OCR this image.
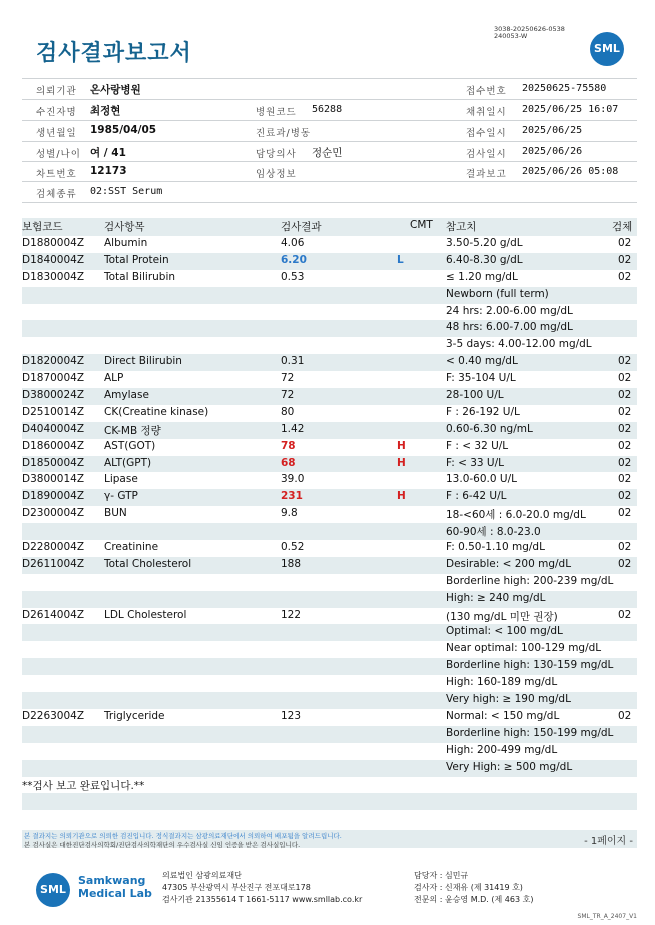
검사결과보고서
3038-20250626-0538
240053-W
SML
의뢰기관 온사랑병원	접수번호 20250625-75580
수진자명 최정현	병원코드 56288	채취일시 2025/06/25 16:07
생년월일 1985/04/05	진료과/병동	접수일시 2025/06/25
성별/나이 여 / 41	담당의사 정순민	검사일시 2025/06/26
차트번호 12173	임상정보	결과보고 2025/06/26 05:08
검체종류 02:SST Serum
보험코드	검사항목	검사결과	CMT 참고치	검체
D1880004Z Albumin	4.06	3.50-5.20 g/dL	02
D1840004Z Total Protein	6.20	L	6.40-8.30 g/dL	02
D1830004Z Total Bilirubin	0.53	≤ 1.20 mg/dL	02
Newborn (full term)
24 hrs: 2.00-6.00 mg/dL
48 hrs: 6.00-7.00 mg/dL
3-5 days: 4.00-12.00 mg/dL
D1820004Z Direct Bilirubin	0.31	< 0.40 mg/dL	02
D1870004Z ALP	72	F: 35-104 U/L	02
D3800024Z Amylase	72	28-100 U/L	02
D2510014Z CK(Creatine kinase)	80	F : 26-192 U/L	02
D4040004Z CK-MB 정량	1.42	0.60-6.30 ng/mL	02
D1860004Z AST(GOT)	78	H	F : < 32 U/L	02
D1850004Z ALT(GPT)	68	H	F: < 33 U/L	02
D3800014Z Lipase	39.0	13.0-60.0 U/L	02
D1890004Z γ- GTP	231	H	F : 6-42 U/L	02
D2300004Z BUN	9.8	18-<60세 : 6.0-20.0 mg/dL	02
60-90세 : 8.0-23.0
D2280004Z Creatinine	0.52	F: 0.50-1.10 mg/dL	02
D2611004Z Total Cholesterol	188	Desirable: < 200 mg/dL	02
Borderline high: 200-239 mg/dL
High: ≥ 240 mg/dL
D2614004Z LDL Cholesterol	122	(130 mg/dL 미만 권장)	02
Optimal: < 100 mg/dL
Near optimal: 100-129 mg/dL
Borderline high: 130-159 mg/dL
High: 160-189 mg/dL
Very high: ≥ 190 mg/dL
D2263004Z Triglyceride	123	Normal: < 150 mg/dL	02
Borderline high: 150-199 mg/dL
High: 200-499 mg/dL
Very High: ≥ 500 mg/dL
**검사 보고 완료입니다.**
본 결과지는 의뢰기관으로 의뢰한 검진입니다. 정식결과지는 삼광의료재단에서 의뢰하여 배포됨을 알려드립니다.
본 검사실은 대한진단검사의학회/진단검사의학재단의 우수검사실 신임 인증을 받은 검사실입니다.	- 1페이지 -
SML
Samkwang
Medical Lab
의료법인 삼광의료재단
47305 부산광역시 부산진구 전포대로178
검사기관 21355614 T 1661-5117 www.smllab.co.kr
담당자 : 심민규
검사자 : 신재유 (제 31419 호)
전문의 : 윤승영 M.D. (제 463 호)
SML_TR_A_2407_V1
